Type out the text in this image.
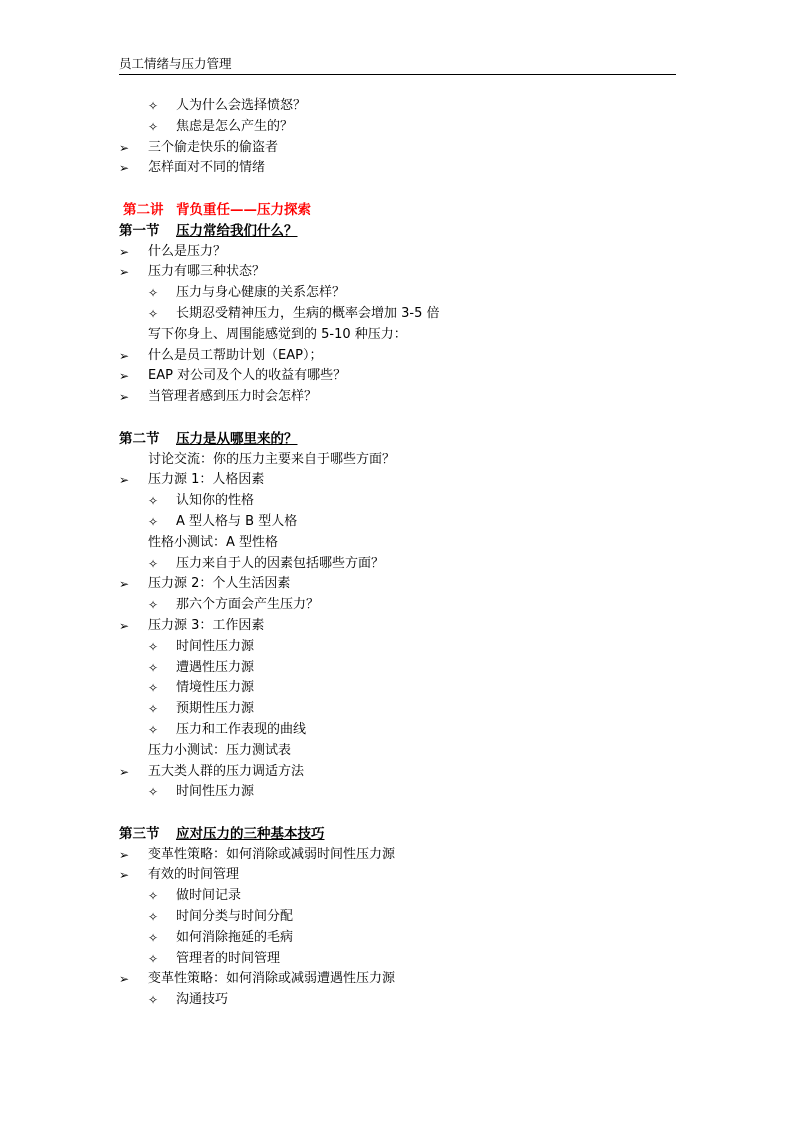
员工情绪与压力管理
✧ 人为什么会选择愤怒？
✧ 焦虑是怎么产生的？
➢ 三个偷走快乐的偷盗者
➢ 怎样面对不同的情绪
第二讲 背负重任——压力探索
第一节 压力常给我们什么？
➢ 什么是压力？
➢ 压力有哪三种状态？
✧ 压力与身心健康的关系怎样？
✧ 长期忍受精神压力，生病的概率会增加 3-5 倍
写下你身上、周围能感觉到的 5-10 种压力：
➢ 什么是员工帮助计划（EAP）；
➢ EAP 对公司及个人的收益有哪些？
➢ 当管理者感到压力时会怎样？
第二节 压力是从哪里来的？
讨论交流：你的压力主要来自于哪些方面？
➢ 压力源 1：人格因素
✧ 认知你的性格
✧ A 型人格与 B 型人格
性格小测试：A 型性格
✧ 压力来自于人的因素包括哪些方面？
➢ 压力源 2：个人生活因素
✧ 那六个方面会产生压力？
➢ 压力源 3：工作因素
✧ 时间性压力源
✧ 遭遇性压力源
✧ 情境性压力源
✧ 预期性压力源
✧ 压力和工作表现的曲线
压力小测试：压力测试表
➢ 五大类人群的压力调适方法
✧ 时间性压力源
第三节 应对压力的三种基本技巧
➢ 变革性策略：如何消除或减弱时间性压力源
➢ 有效的时间管理
✧ 做时间记录
✧ 时间分类与时间分配
✧ 如何消除拖延的毛病
✧ 管理者的时间管理
➢ 变革性策略：如何消除或减弱遭遇性压力源
✧ 沟通技巧
